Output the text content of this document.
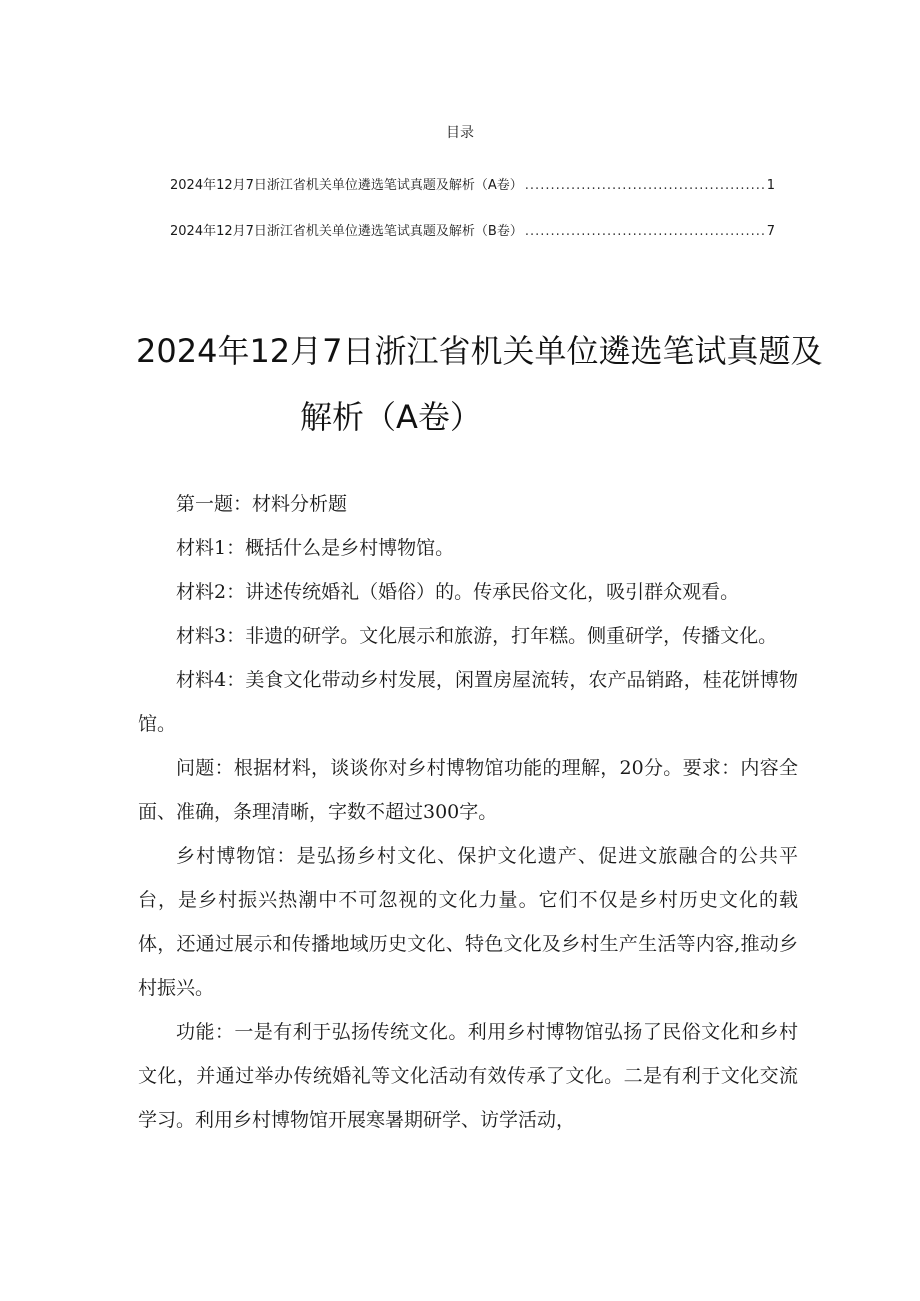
目录
2024年12月7日浙江省机关单位遴选笔试真题及解析（A卷） .....	1
2024年12月7日浙江省机关单位遴选笔试真题及解析（B卷） .....	7
2024年12月7日浙江省机关单位遴选笔试真题及
解析（A卷）

第一题：材料分析题

材料1：概括什么是乡村博物馆。

材料2：讲述传统婚礼（婚俗）的。传承民俗文化，吸引群众观看。

材料3：非遗的研学。文化展示和旅游，打年糕。侧重研学，传播文化。

材料4：美食文化带动乡村发展，闲置房屋流转，农产品销路，桂花饼博物馆。

问题：根据材料，谈谈你对乡村博物馆功能的理解，20分。要求：内容全面、准确，条理清晰，字数不超过300字。

乡村博物馆：是弘扬乡村文化、保护文化遗产、促进文旅融合的公共平台，是乡村振兴热潮中不可忽视的文化力量。它们不仅是乡村历史文化的载体，还通过展示和传播地域历史文化、特色文化及乡村生产生活等内容,推动乡村振兴。

功能：一是有利于弘扬传统文化。利用乡村博物馆弘扬了民俗文化和乡村文化，并通过举办传统婚礼等文化活动有效传承了文化。二是有利于文化交流学习。利用乡村博物馆开展寒暑期研学、访学活动，
